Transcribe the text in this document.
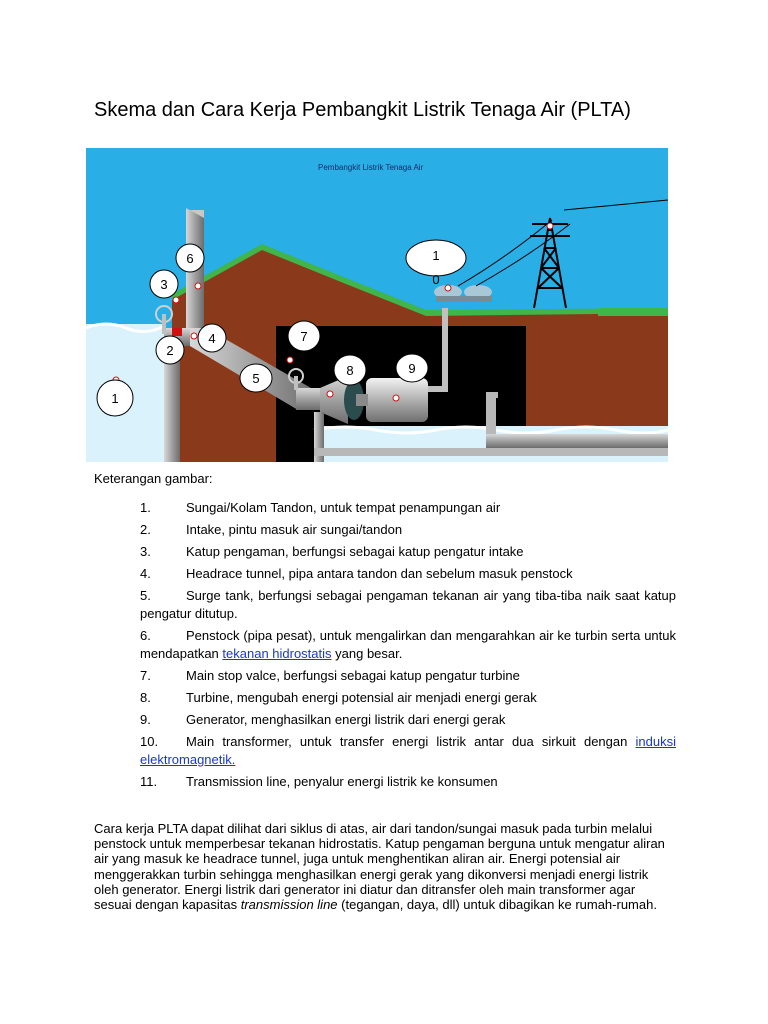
Skema dan Cara Kerja Pembangkit Listrik Tenaga Air (PLTA)
Pembangkit Listrik Tenaga Air
6
3
2
4	7
5
8	9
1
1
0
Keterangan gambar:
1.	Sungai/Kolam Tandon, untuk tempat penampungan air
2.	Intake, pintu masuk air sungai/tandon
3.	Katup pengaman, berfungsi sebagai katup pengatur intake
4.	Headrace tunnel, pipa antara tandon dan sebelum masuk penstock
5.	Surge tank, berfungsi sebagai pengaman tekanan air yang tiba-tiba naik saat katup pengatur ditutup.
6.	Penstock (pipa pesat), untuk mengalirkan dan mengarahkan air ke turbin serta untuk mendapatkan tekanan hidrostatis yang besar.
7.	Main stop valce, berfungsi sebagai katup pengatur turbine
8.	Turbine, mengubah energi potensial air menjadi energi gerak
9.	Generator, menghasilkan energi listrik dari energi gerak
10. Main transformer, untuk transfer energi listrik antar dua sirkuit dengan induksi elektromagnetik.
11. Transmission line, penyalur energi listrik ke konsumen

Cara kerja PLTA dapat dilihat dari siklus di atas, air dari tandon/sungai masuk pada turbin melalui penstock untuk memperbesar tekanan hidrostatis. Katup pengaman berguna untuk mengatur aliran air yang masuk ke headrace tunnel, juga untuk menghentikan aliran air. Energi potensial air menggerakkan turbin sehingga menghasilkan energi gerak yang dikonversi menjadi energi listrik oleh generator. Energi listrik dari generator ini diatur dan ditransfer oleh main transformer agar sesuai dengan kapasitas transmission line (tegangan, daya, dll) untuk dibagikan ke rumah-rumah.
